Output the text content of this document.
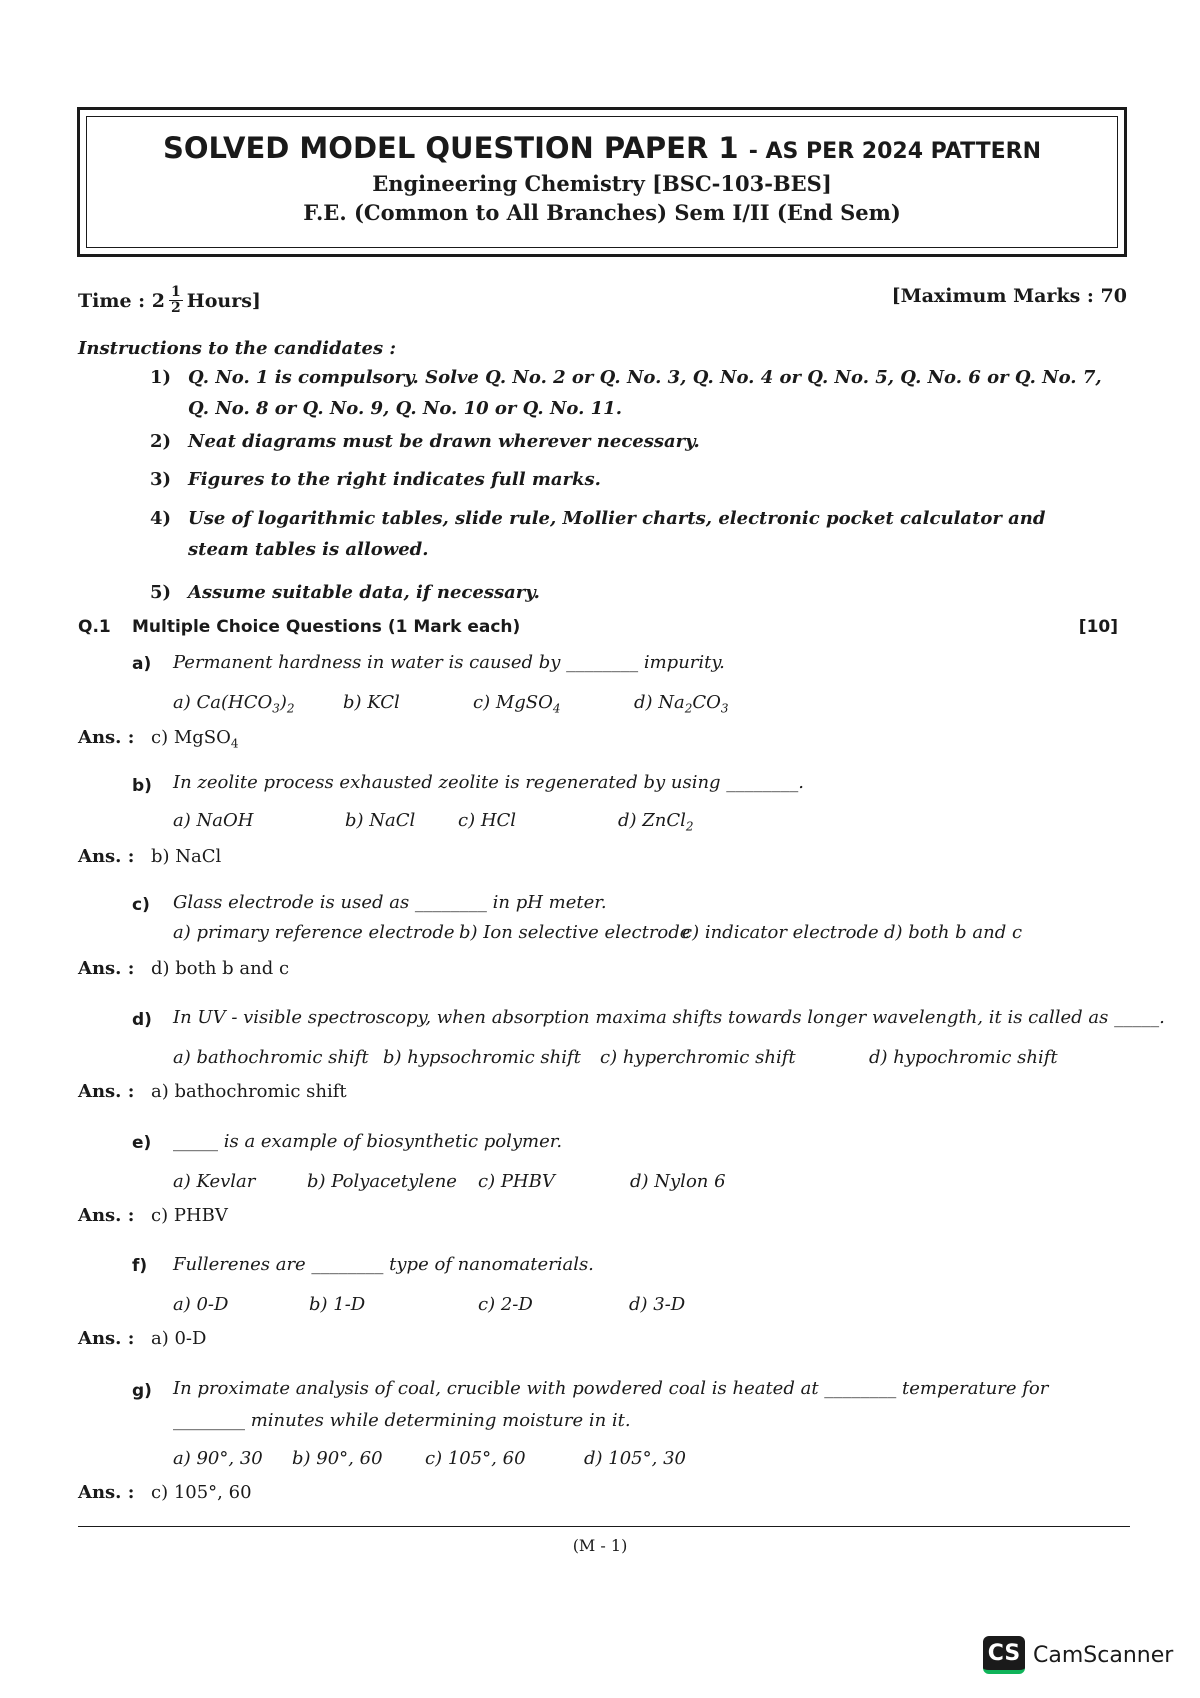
SOLVED MODEL QUESTION PAPER 1 - AS PER 2024 PATTERN
Engineering Chemistry [BSC-103-BES]
F.E. (Common to All Branches) Sem I/II (End Sem)
Time : $2 \frac{1}{2}$ Hours]	[Maximum Marks : 70
Instructions to the candidates :
1) Q. No. 1 is compulsory. Solve Q. No. 2 or Q. No. 3, Q. No. 4 or Q. No. 5, Q. No. 6 or Q. No. 7, Q. No. 8 or Q. No. 9, Q. No. 10 or Q. No. 11.
2) Neat diagrams must be drawn wherever necessary.
3) Figures to the right indicates full marks.
4) Use of logarithmic tables, slide rule, Mollier charts, electronic pocket calculator and steam tables is allowed.
5) Assume suitable data, if necessary.
Q.1 Multiple Choice Questions (1 Mark each)	[10]
a) Permanent hardness in water is caused by ________ impurity.
a) $Ca(HCO_3)_2$	b) KCl	c) MgSO$_4$	d) $Na_2CO_3$
Ans. : c) MgSO$_4$
b) In zeolite process exhausted zeolite is regenerated by using ________.
a) NaOH	b) NaCl c) HCl	d) ZnCl$_2$
Ans. : b) NaCl
c) Glass electrode is used as ________ in pH meter.
a) primary reference electrode b) Ion selective electrode
c) indicator electrode d) both b and c
Ans. : d) both b and c
d) In UV - visible spectroscopy, when absorption maxima shifts towards longer wavelength, it is called as _____.
a) bathochromic shift b) hypsochromic shift c) hyperchromic shift	d) hypochromic shift
Ans. : a) bathochromic shift
e) _____ is a example of biosynthetic polymer.
a) Kevlar	b) Polyacetylene c) PHBV	d) Nylon 6
Ans. : c) PHBV
f) Fullerenes are ________ type of nanomaterials.
a) 0-D	b) 1-D	c) 2-D	d) 3-D
Ans. : a) 0-D
g) In proximate analysis of coal, crucible with powdered coal is heated at ________ temperature for ________ minutes while determining moisture in it.
a) 90°, 30 b) 90°, 60 c) 105°, 60	d) 105°, 30
Ans. : c) 105°, 60
(M - 1)
CS CamScanner
